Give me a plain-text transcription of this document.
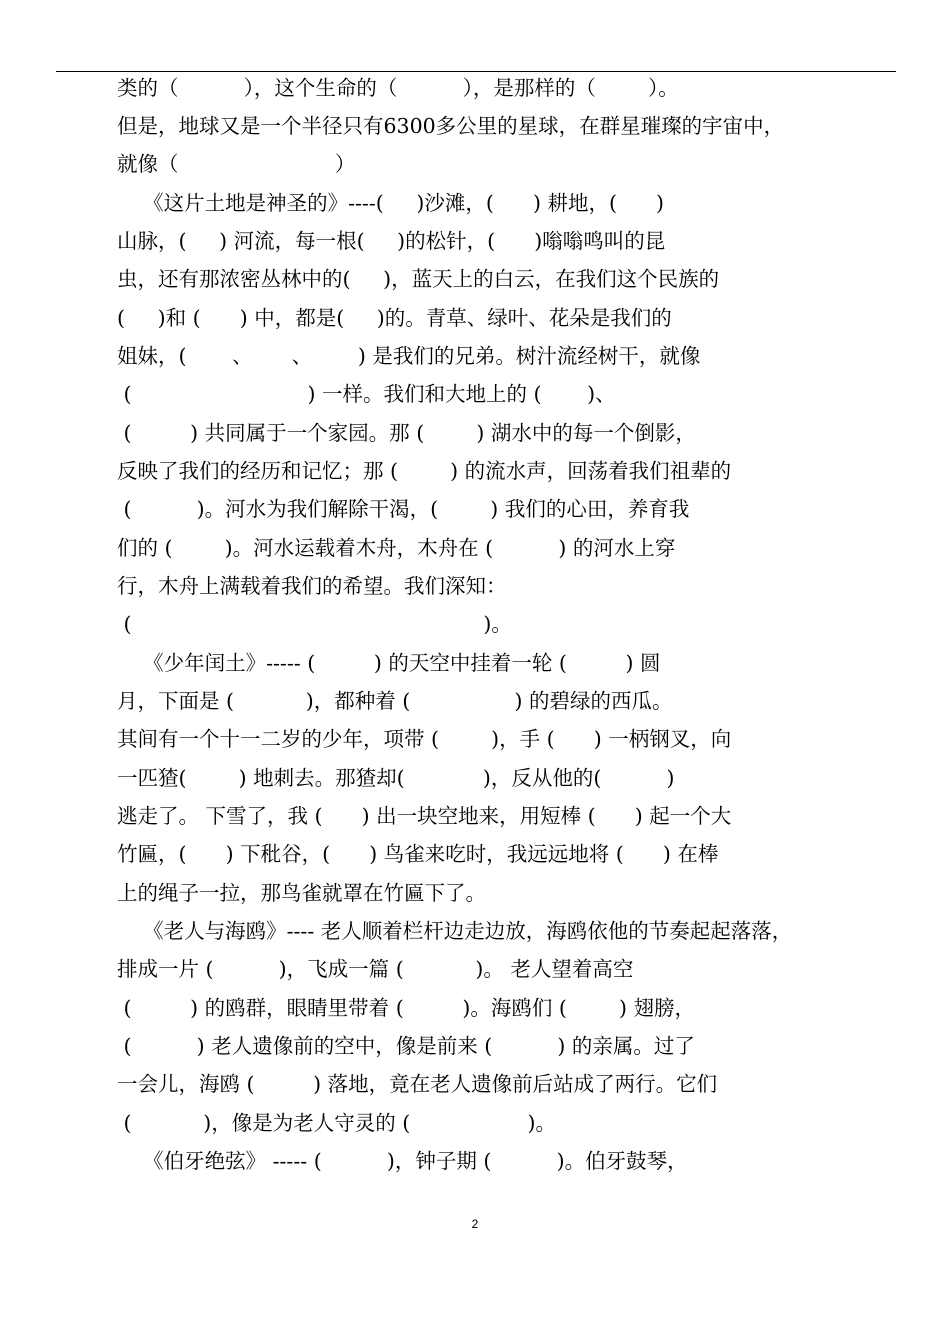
类的（          ），这个生命的（          ），是那样的（        ）。
但是，地球又是一个半径只有6300多公里的星球，在群星璀璨的宇宙中，
就像（                        ）
《这片土地是神圣的》----(     )沙滩，(      ) 耕地，(      )
山脉，(     ) 河流，每一根(     )的松针，(      )嗡嗡鸣叫的昆
虫，还有那浓密丛林中的(     )，蓝天上的白云，在我们这个民族的
(     )和 (      ) 中，都是(     )的。青草、绿叶、花朵是我们的
姐妹，(       、      、       ) 是我们的兄弟。树汁流经树干，就像
(                           ) 一样。我们和大地上的 (       )、
(         ) 共同属于一个家园。那 (        ) 湖水中的每一个倒影，
反映了我们的经历和记忆；那 (        ) 的流水声，回荡着我们祖辈的
(          )。河水为我们解除干渴，(        ) 我们的心田，养育我
们的 (        )。河水运载着木舟，木舟在 (          ) 的河水上穿
行，木舟上满载着我们的希望。我们深知：
(                                                      )。
《少年闰土》----- (         ) 的天空中挂着一轮 (         ) 圆
月，下面是 (           )，都种着 (                ) 的碧绿的西瓜。
其间有一个十一二岁的少年，项带 (        )，手 (      ) 一柄钢叉，向
一匹猹(        ) 地刺去。那猹却(            )，反从他的(          )
逃走了。 下雪了，我 (      ) 出一块空地来，用短棒 (      ) 起一个大
竹匾，(      ) 下秕谷，(      ) 鸟雀来吃时，我远远地将 (      ) 在棒
上的绳子一拉，那鸟雀就罩在竹匾下了。
《老人与海鸥》---- 老人顺着栏杆边走边放，海鸥依他的节奏起起落落，
排成一片 (          )，飞成一篇 (           )。 老人望着高空
(         ) 的鸥群，眼睛里带着 (         )。海鸥们 (        ) 翅膀，
(          ) 老人遗像前的空中，像是前来 (          ) 的亲属。过了
一会儿，海鸥 (         ) 落地，竟在老人遗像前后站成了两行。它们
(           )，像是为老人守灵的 (                  )。
《伯牙绝弦》 ----- (          )，钟子期 (          )。伯牙鼓琴，
2
